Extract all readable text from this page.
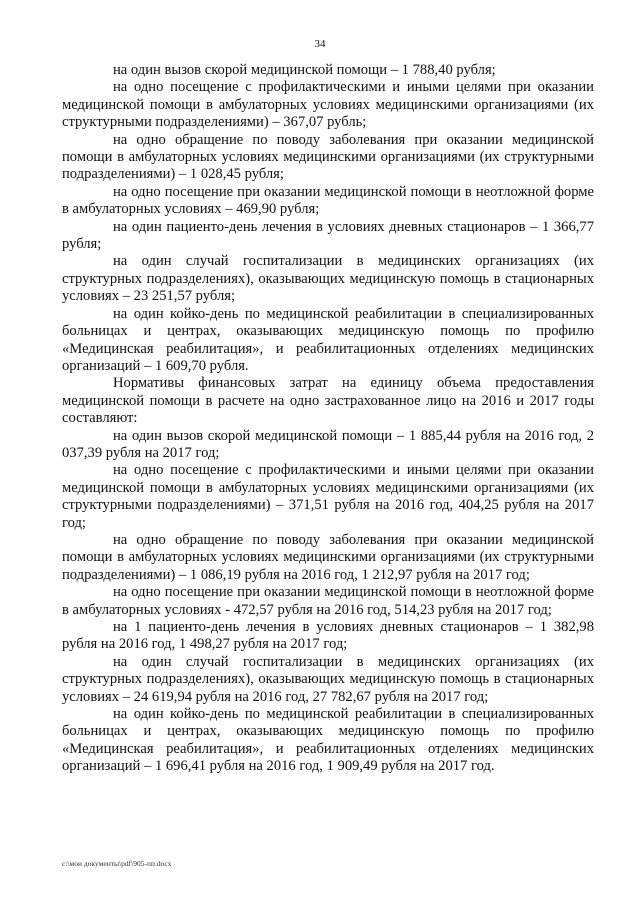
34

на один вызов скорой медицинской помощи – 1 788,40 рубля;

на одно посещение с профилактическими и иными целями при оказании медицинской помощи в амбулаторных условиях медицинскими организациями (их структурными подразделениями) – 367,07 рубль;

на одно обращение по поводу заболевания при оказании медицинской помощи в амбулаторных условиях медицинскими организациями (их структурными подразделениями) – 1 028,45 рубля;

на одно посещение при оказании медицинской помощи в неотложной форме в амбулаторных условиях – 469,90 рубля;

на один пациенто-день лечения в условиях дневных стационаров – 1 366,77 рубля;

на один случай госпитализации в медицинских организациях (их структурных подразделениях), оказывающих медицинскую помощь в стационарных условиях – 23 251,57 рубля;

на один койко-день по медицинской реабилитации в специализированных больницах и центрах, оказывающих медицинскую помощь по профилю «Медицинская реабилитация», и реабилитационных отделениях медицинских организаций – 1 609,70 рубля.

Нормативы финансовых затрат на единицу объема предоставления медицинской помощи в расчете на одно застрахованное лицо на 2016 и 2017 годы составляют:

на один вызов скорой медицинской помощи – 1 885,44 рубля на 2016 год, 2 037,39 рубля на 2017 год;

на одно посещение с профилактическими и иными целями при оказании медицинской помощи в амбулаторных условиях медицинскими организациями (их структурными подразделениями) – 371,51 рубля на 2016 год, 404,25 рубля на 2017 год;

на одно обращение по поводу заболевания при оказании медицинской помощи в амбулаторных условиях медицинскими организациями (их структурными подразделениями) – 1 086,19 рубля на 2016 год, 1 212,97 рубля на 2017 год;

на одно посещение при оказании медицинской помощи в неотложной форме в амбулаторных условиях - 472,57 рубля на 2016 год, 514,23 рубля на 2017 год;

на 1 пациенто-день лечения в условиях дневных стационаров – 1 382,98 рубля на 2016 год, 1 498,27 рубля на 2017 год;

на один случай госпитализации в медицинских организациях (их структурных подразделениях), оказывающих медицинскую помощь в стационарных условиях – 24 619,94 рубля на 2016 год, 27 782,67 рубля на 2017 год;

на один койко-день по медицинской реабилитации в специализированных больницах и центрах, оказывающих медицинскую помощь по профилю «Медицинская реабилитация», и реабилитационных отделениях медицинских организаций – 1 696,41 рубля на 2016 год, 1 909,49 рубля на 2017 год.

c:\мои документы\pdf\905-пп.docx
